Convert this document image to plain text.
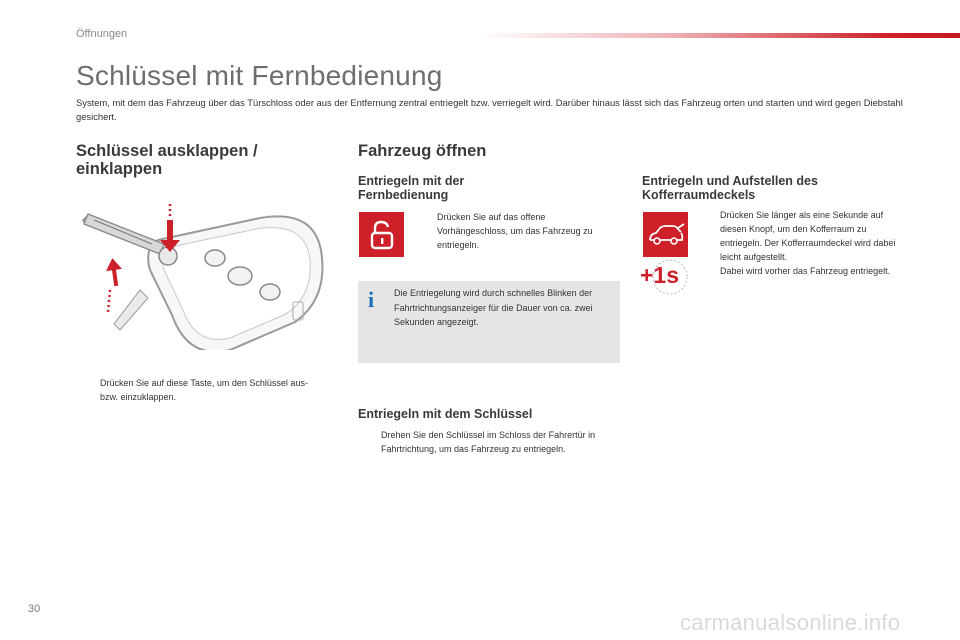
Öffnungen
Schlüssel mit Fernbedienung
System, mit dem das Fahrzeug über das Türschloss oder aus der Entfernung zentral entriegelt bzw. verriegelt wird. Darüber hinaus lässt sich das Fahrzeug orten und starten und wird gegen Diebstahl gesichert.
Schlüssel ausklappen /
einklappen
Drücken Sie auf diese Taste, um den Schlüssel aus- bzw. einzuklappen.
Fahrzeug öffnen
Entriegeln mit der
Fernbedienung
Drücken Sie auf das offene Vorhängeschloss, um das Fahrzeug zu entriegeln.
i Die Entriegelung wird durch schnelles Blinken der Fahrtrichtungsanzeiger für die Dauer von ca. zwei Sekunden angezeigt.
Entriegeln mit dem Schlüssel
Drehen Sie den Schlüssel im Schloss der Fahrertür in Fahrtrichtung, um das Fahrzeug zu entriegeln.
Entriegeln und Aufstellen des
Kofferraumdeckels
+1s
Drücken Sie länger als eine Sekunde auf diesen Knopf, um den Kofferraum zu entriegeln. Der Kofferraumdeckel wird dabei leicht aufgestellt.
Dabei wird vorher das Fahrzeug entriegelt.
30
carmanualsonline.info
